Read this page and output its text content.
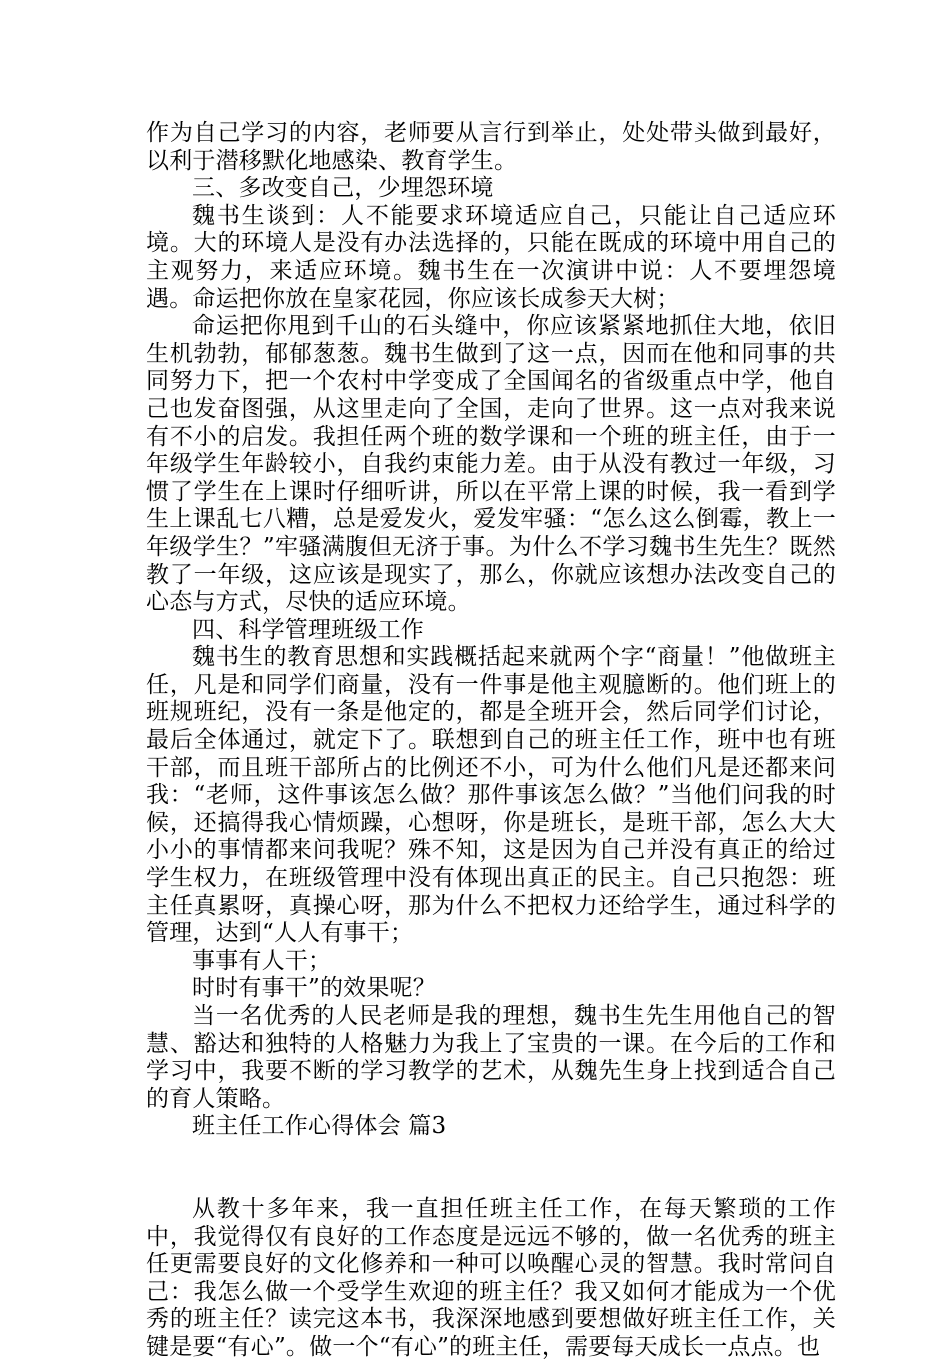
作为自己学习的内容，老师要从言行到举止，处处带头做到最好，以利于潜移默化地感染、教育学生。

三、多改变自己，少埋怨环境

魏书生谈到：人不能要求环境适应自己，只能让自己适应环境。大的环境人是没有办法选择的，只能在既成的环境中用自己的主观努力，来适应环境。魏书生在一次演讲中说：人不要埋怨境遇。命运把你放在皇家花园，你应该长成参天大树；

命运把你甩到千山的石头缝中，你应该紧紧地抓住大地，依旧生机勃勃，郁郁葱葱。魏书生做到了这一点，因而在他和同事的共同努力下，把一个农村中学变成了全国闻名的省级重点中学，他自己也发奋图强，从这里走向了全国，走向了世界。这一点对我来说有不小的启发。我担任两个班的数学课和一个班的班主任，由于一年级学生年龄较小，自我约束能力差。由于从没有教过一年级，习惯了学生在上课时仔细听讲，所以在平常上课的时候，我一看到学生上课乱七八糟，总是爱发火，爱发牢骚：“怎么这么倒霉，教上一年级学生？”牢骚满腹但无济于事。为什么不学习魏书生先生？既然教了一年级，这应该是现实了，那么，你就应该想办法改变自己的心态与方式，尽快的适应环境。

四、科学管理班级工作

魏书生的教育思想和实践概括起来就两个字“商量！”他做班主任，凡是和同学们商量，没有一件事是他主观臆断的。他们班上的班规班纪，没有一条是他定的，都是全班开会，然后同学们讨论，最后全体通过，就定下了。联想到自己的班主任工作，班中也有班干部，而且班干部所占的比例还不小，可为什么他们凡是还都来问我：“老师，这件事该怎么做？那件事该怎么做？”当他们问我的时候，还搞得我心情烦躁，心想呀，你是班长，是班干部，怎么大大小小的事情都来问我呢？殊不知，这是因为自己并没有真正的给过学生权力，在班级管理中没有体现出真正的民主。自己只抱怨：班主任真累呀，真操心呀，那为什么不把权力还给学生，通过科学的管理，达到“人人有事干；

事事有人干；

时时有事干”的效果呢？

当一名优秀的人民老师是我的理想，魏书生先生用他自己的智慧、豁达和独特的人格魅力为我上了宝贵的一课。在今后的工作和学习中，我要不断的学习教学的艺术，从魏先生身上找到适合自己的育人策略。

班主任工作心得体会 篇3

从教十多年来，我一直担任班主任工作，在每天繁琐的工作中，我觉得仅有良好的工作态度是远远不够的，做一名优秀的班主任更需要良好的文化修养和一种可以唤醒心灵的智慧。我时常问自己：我怎么做一个受学生欢迎的班主任？我又如何才能成为一个优秀的班主任？读完这本书，我深深地感到要想做好班主任工作，关键是要“有心”。做一个“有心”的班主任，需要每天成长一点点。也
